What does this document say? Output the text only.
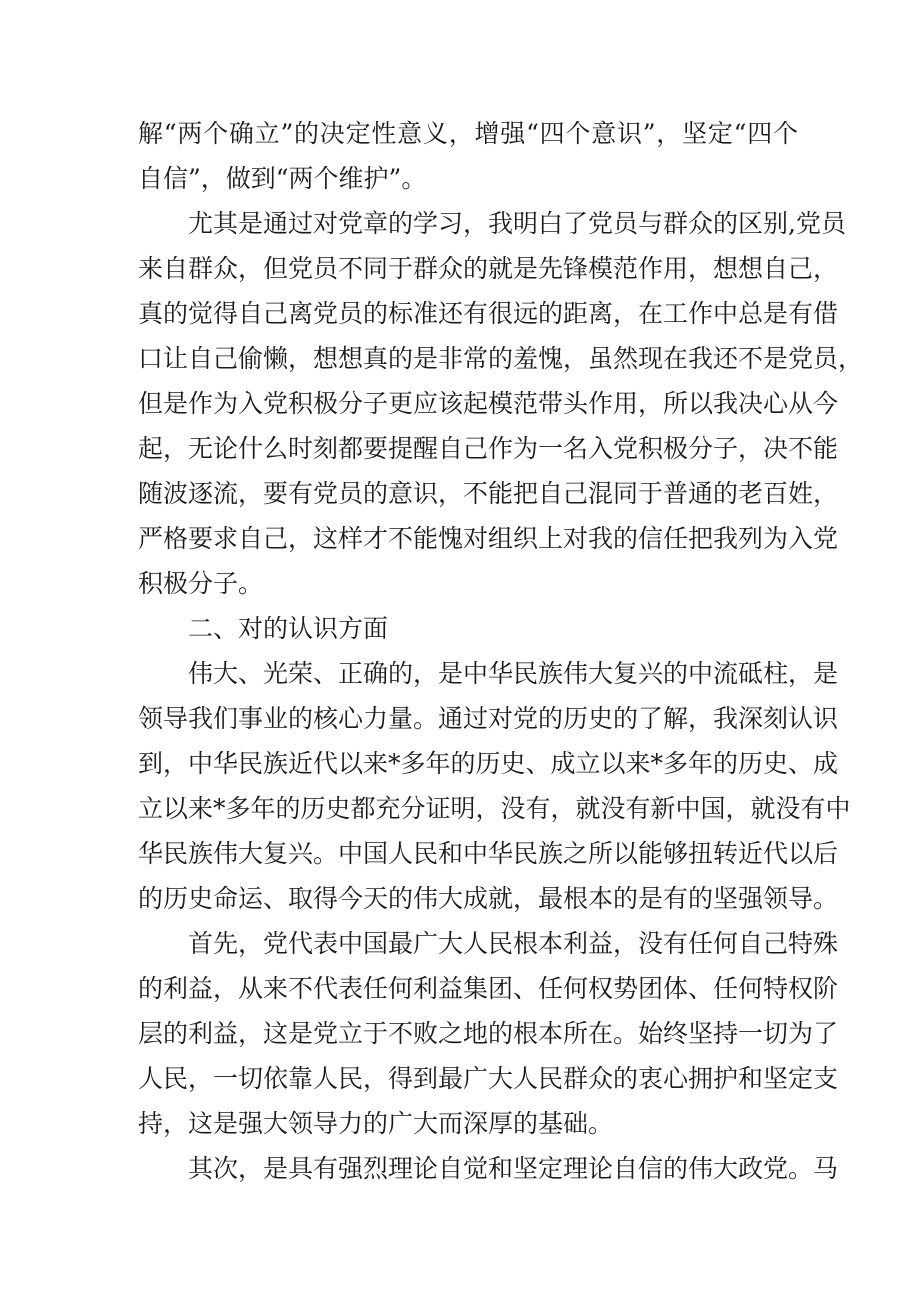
解“两个确立”的决定性意义，增强“四个意识”，坚定“四个
自信”，做到“两个维护”。
尤其是通过对党章的学习，我明白了党员与群众的区别,党员
来自群众，但党员不同于群众的就是先锋模范作用，想想自己，
真的觉得自己离党员的标准还有很远的距离，在工作中总是有借
口让自己偷懒，想想真的是非常的羞愧，虽然现在我还不是党员，
但是作为入党积极分子更应该起模范带头作用，所以我决心从今
起，无论什么时刻都要提醒自己作为一名入党积极分子，决不能
随波逐流，要有党员的意识，不能把自己混同于普通的老百姓，
严格要求自己，这样才不能愧对组织上对我的信任把我列为入党
积极分子。
二、对的认识方面
伟大、光荣、正确的，是中华民族伟大复兴的中流砥柱，是
领导我们事业的核心力量。通过对党的历史的了解，我深刻认识
到，中华民族近代以来*多年的历史、成立以来*多年的历史、成
立以来*多年的历史都充分证明，没有，就没有新中国，就没有中
华民族伟大复兴。中国人民和中华民族之所以能够扭转近代以后
的历史命运、取得今天的伟大成就，最根本的是有的坚强领导。
首先，党代表中国最广大人民根本利益，没有任何自己特殊
的利益，从来不代表任何利益集团、任何权势团体、任何特权阶
层的利益，这是党立于不败之地的根本所在。始终坚持一切为了
人民，一切依靠人民，得到最广大人民群众的衷心拥护和坚定支
持，这是强大领导力的广大而深厚的基础。
其次，是具有强烈理论自觉和坚定理论自信的伟大政党。马
